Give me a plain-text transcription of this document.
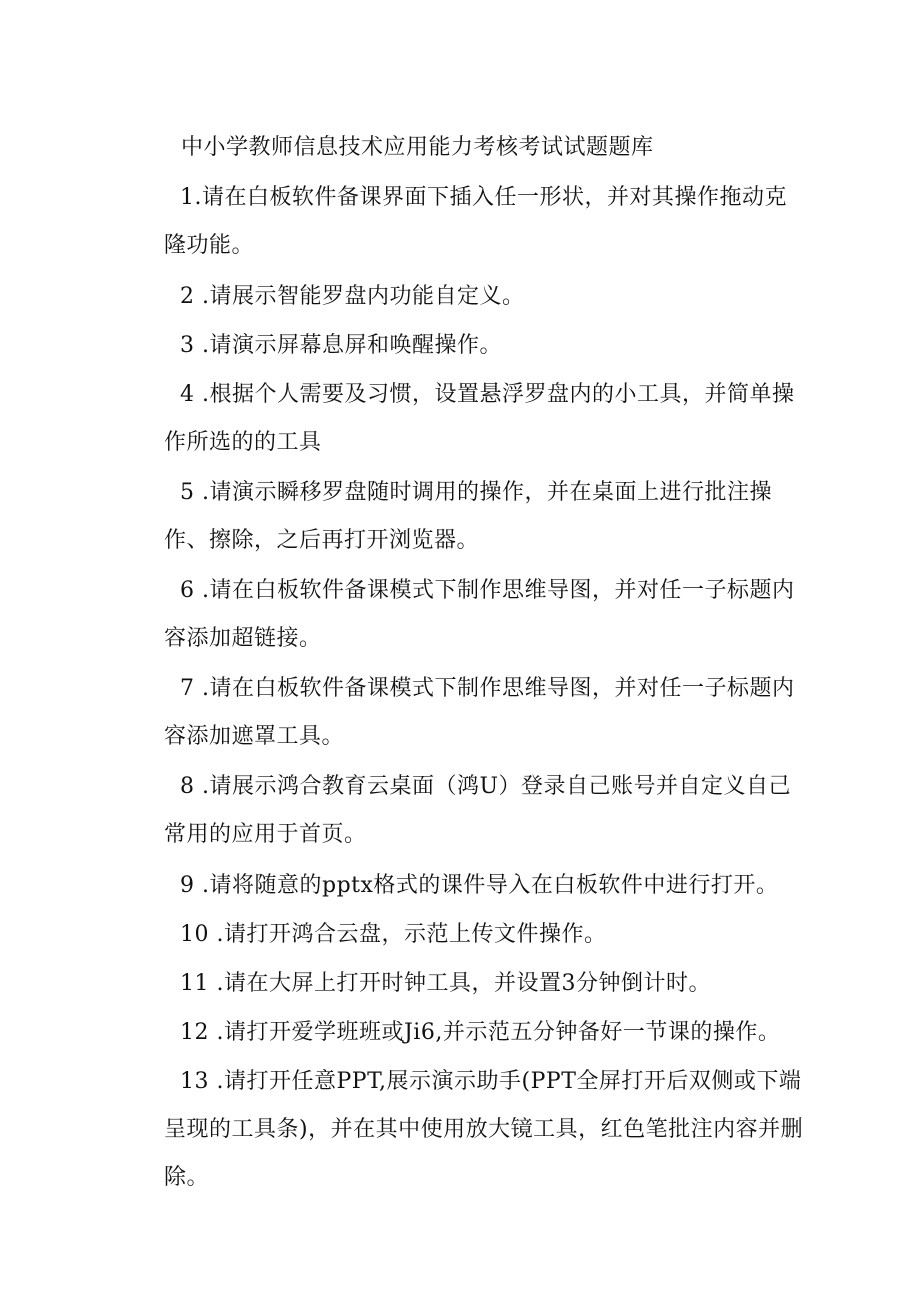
中小学教师信息技术应用能力考核考试试题题库
1.请在白板软件备课界面下插入任一形状，并对其操作拖动克隆功能。
2 .请展示智能罗盘内功能自定义。
3 .请演示屏幕息屏和唤醒操作。
4 .根据个人需要及习惯，设置悬浮罗盘内的小工具，并简单操作所选的的工具
5 .请演示瞬移罗盘随时调用的操作，并在桌面上进行批注操作、擦除，之后再打开浏览器。
6 .请在白板软件备课模式下制作思维导图，并对任一子标题内容添加超链接。
7 .请在白板软件备课模式下制作思维导图，并对任一子标题内容添加遮罩工具。
8 .请展示鸿合教育云桌面（鸿U）登录自己账号并自定义自己常用的应用于首页。
9 .请将随意的pptx格式的课件导入在白板软件中进行打开。
10 .请打开鸿合云盘，示范上传文件操作。
11 .请在大屏上打开时钟工具，并设置3分钟倒计时。
12 .请打开爱学班班或Ji6,并示范五分钟备好一节课的操作。
13 .请打开任意PPT,展示演示助手(PPT全屏打开后双侧或下端呈现的工具条)，并在其中使用放大镜工具，红色笔批注内容并删除。
